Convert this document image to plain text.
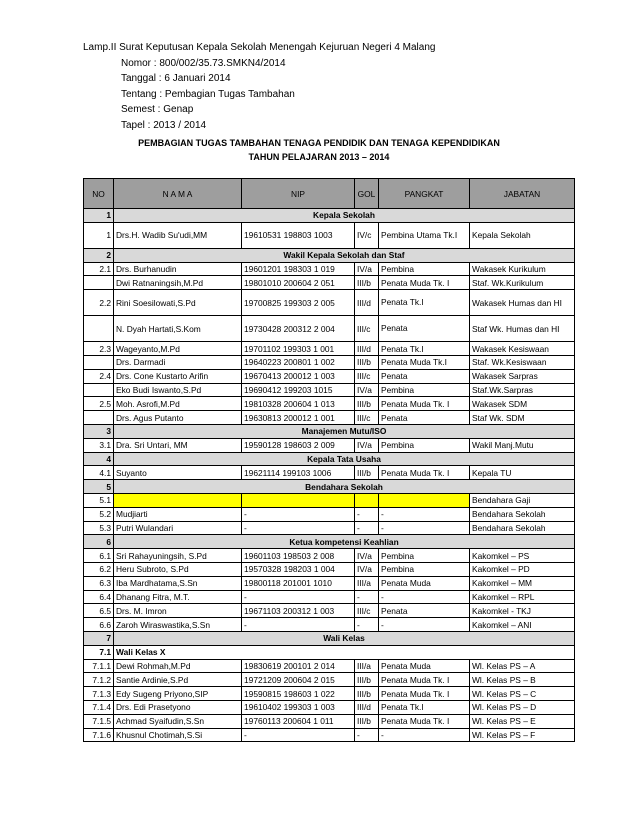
Lamp.II Surat Keputusan Kepala Sekolah Menengah Kejuruan Negeri 4 Malang
Nomor : 800/002/35.73.SMKN4/2014
Tanggal : 6 Januari 2014
Tentang : Pembagian Tugas Tambahan
Semest : Genap
Tapel : 2013 / 2014
PEMBAGIAN TUGAS TAMBAHAN TENAGA PENDIDIK DAN TENAGA KEPENDIDIKAN
TAHUN PELAJARAN 2013 – 2014
NO	N A M A	NIP	GOL	PANGKAT	JABATAN
1	Kepala Sekolah				
1	Drs.H. Wadib Su'udi,MM	19610531 198803 1003	IV/c	Pembina Utama Tk.I	Kepala Sekolah
2	Wakil Kepala Sekolah dan Staf				
2.1	Drs. Burhanudin	19601201 198303 1 019	IV/a	Pembina	Wakasek Kurikulum
	Dwi Ratnaningsih,M.Pd	19801010 200604 2 051	III/b	Penata Muda Tk. I	Staf. Wk.Kurikulum
2.2	Rini Soesilowati,S.Pd	19700825 199303 2 005	III/d	Penata Tk.I	Wakasek Humas dan HI
	N. Dyah Hartati,S.Kom	19730428 200312 2 004	III/c	Penata	Staf Wk. Humas dan HI
2.3	Wageyanto,M.Pd	19701102 199303 1 001	III/d	Penata Tk.I	Wakasek Kesiswaan
	Drs. Darmadi	19640223 200801 1 002	III/b	Penata Muda Tk.I	Staf. Wk.Kesiswaan
2.4	Drs. Cone Kustarto Arifin	19670413 200012 1 003	III/c	Penata	Wakasek Sarpras
	Eko Budi Iswanto,S.Pd	19690412 199203 1015	IV/a	Pembina	Staf.Wk.Sarpras
2.5	Moh. Asrofi,M.Pd	19810328 200604 1 013	III/b	Penata Muda Tk. I	Wakasek SDM
	Drs. Agus Putanto	19630813 200012 1 001	III/c	Penata	Staf Wk. SDM
3	Manajemen Mutu/ISO				
3.1	Dra. Sri Untari, MM	19590128 198603 2 009	IV/a	Pembina	Wakil Manj.Mutu
4	Kepala Tata Usaha				
4.1	Suyanto	19621114 199103 1006	III/b	Penata Muda Tk. I	Kepala TU
5	Bendahara Sekolah				
5.1					Bendahara Gaji
5.2	Mudjiarti	-	-	-	Bendahara Sekolah
5.3	Putri Wulandari	-	-	-	Bendahara Sekolah
6	Ketua kompetensi Keahlian				
6.1	Sri Rahayuningsih, S.Pd	19601103 198503 2 008	IV/a	Pembina	Kakomkel – PS
6.2	Heru Subroto, S.Pd	19570328 198203 1 004	IV/a	Pembina	Kakomkel – PD
6.3	Iba Mardhatama,S.Sn	19800118 201001 1010	III/a	Penata Muda	Kakomkel – MM
6.4	Dhanang Fitra, M.T.	-	-	-	Kakomkel – RPL
6.5	Drs. M. Imron	19671103 200312 1 003	III/c	Penata	Kakomkel - TKJ
6.6	Zaroh Wiraswastika,S.Sn	-	-	-	Kakomkel – ANI
7	Wali Kelas				
7.1	Wali Kelas X				
7.1.1	Dewi Rohmah,M.Pd	19830619 200101 2 014	III/a	Penata Muda	Wl. Kelas PS – A
7.1.2	Santie Ardinie,S.Pd	19721209 200604 2 015	III/b	Penata Muda Tk. I	Wl. Kelas PS – B
7.1.3	Edy Sugeng Priyono,SIP	19590815 198603 1 022	III/b	Penata Muda Tk. I	Wl. Kelas PS – C
7.1.4	Drs. Edi Prasetyono	19610402 199303 1 003	III/d	Penata Tk.I	Wl. Kelas PS – D
7.1.5	Achmad Syaifudin,S.Sn	19760113 200604 1 011	III/b	Penata Muda Tk. I	Wl. Kelas PS – E
7.1.6	Khusnul Chotimah,S.Si	-	-	-	Wl. Kelas PS – F
